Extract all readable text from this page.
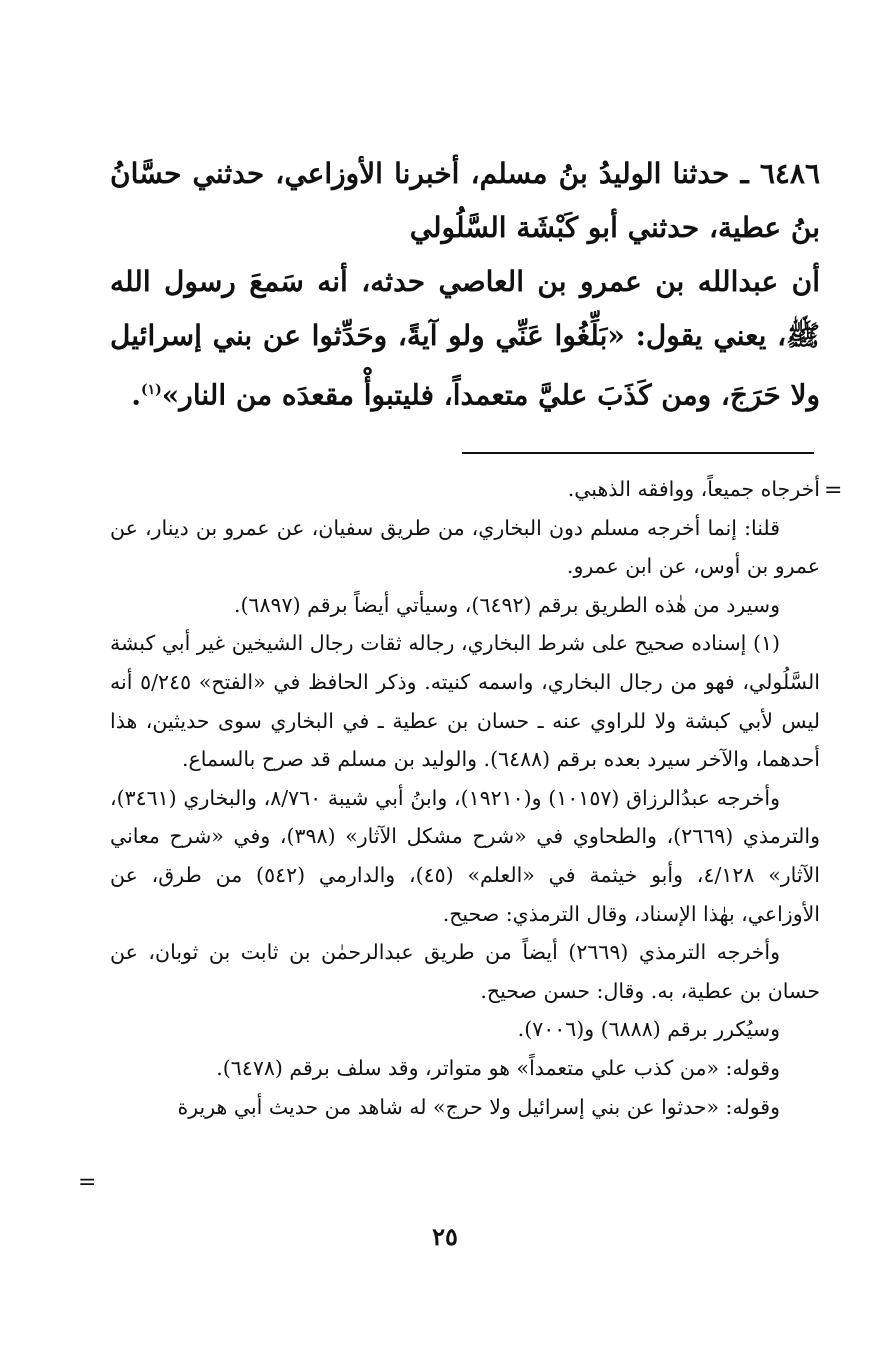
٦٤٨٦ ـ حدثنا الوليدُ بنُ مسلم، أخبرنا الأوزاعي، حدثني حسَّانُ بنُ عطية، حدثني أبو كَبْشَة السَّلُولي

أن عبدالله بن عمرو بن العاصي حدثه، أنه سَمعَ رسول الله ﷺ، يعني يقول: «بَلِّغُوا عَنِّي ولو آيةً، وحَدِّثوا عن بني إسرائيل ولا حَرَجَ، ومن كَذَبَ عليَّ متعمداً، فليتبوأْ مقعدَه من النار»$^{(١)}$.

=

أخرجاه جميعاً، ووافقه الذهبي.

قلنا: إنما أخرجه مسلم دون البخاري، من طريق سفيان، عن عمرو بن دينار، عن عمرو بن أوس، عن ابن عمرو.

وسيرد من هٰذه الطريق برقم (٦٤٩٢)، وسيأتي أيضاً برقم (٦٨٩٧).

(١) إسناده صحيح على شرط البخاري، رجاله ثقات رجال الشيخين غير أبي كبشة السَّلُولي، فهو من رجال البخاري، واسمه كنيته. وذكر الحافظ في «الفتح» ٥/٢٤٥ أنه ليس لأبي كبشة ولا للراوي عنه ـ حسان بن عطية ـ في البخاري سوى حديثين، هذا أحدهما، والآخر سيرد بعده برقم (٦٤٨٨). والوليد بن مسلم قد صرح بالسماع.

وأخرجه عبدُالرزاق (١٠١٥٧) و(١٩٢١٠)، وابنُ أبي شيبة ٨/٧٦٠، والبخاري (٣٤٦١)، والترمذي (٢٦٦٩)، والطحاوي في «شرح مشكل الآثار» (٣٩٨)، وفي «شرح معاني الآثار» ٤/١٢٨، وأبو خيثمة في «العلم» (٤٥)، والدارمي (٥٤٢) من طرق، عن الأوزاعي، بهٰذا الإسناد، وقال الترمذي: صحيح.

وأخرجه الترمذي (٢٦٦٩) أيضاً من طريق عبدالرحمٰن بن ثابت بن ثوبان، عن حسان بن عطية، به. وقال: حسن صحيح.

وسيُكرر برقم (٦٨٨٨) و(٧٠٠٦).

وقوله: «من كذب علي متعمداً» هو متواتر، وقد سلف برقم (٦٤٧٨).

وقوله: «حدثوا عن بني إسرائيل ولا حرج» له شاهد من حديث أبي هريرة

=
٢٥
